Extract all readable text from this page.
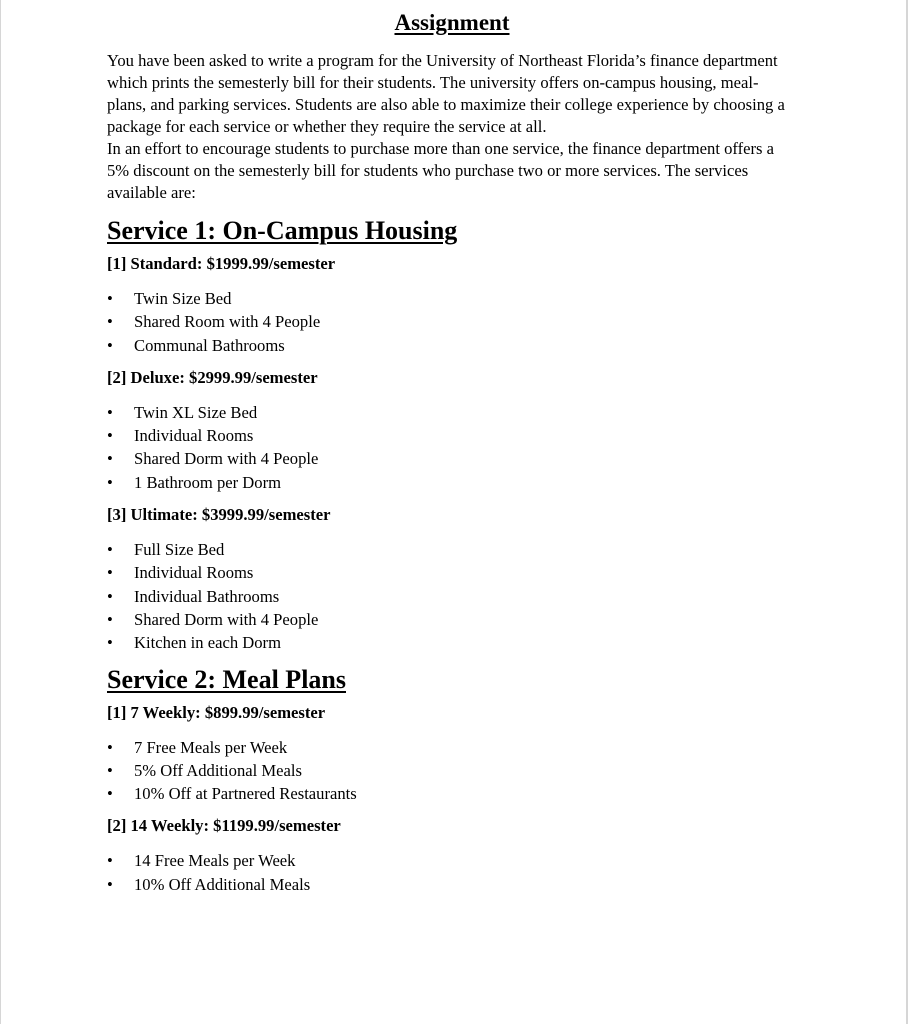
Assignment

You have been asked to write a program for the University of Northeast Florida’s finance department which prints the semesterly bill for their students. The university offers on-campus housing, meal-plans, and parking services. Students are also able to maximize their college experience by choosing a package for each service or whether they require the service at all.

In an effort to encourage students to purchase more than one service, the finance department offers a 5% discount on the semesterly bill for students who purchase two or more services. The services available are:

Service 1: On-Campus Housing
[1] Standard: $1999.99/semester
• Twin Size Bed
• Shared Room with 4 People
• Communal Bathrooms
[2] Deluxe: $2999.99/semester
• Twin XL Size Bed
• Individual Rooms
• Shared Dorm with 4 People
• 1 Bathroom per Dorm
[3] Ultimate: $3999.99/semester
• Full Size Bed
• Individual Rooms
• Individual Bathrooms
• Shared Dorm with 4 People
• Kitchen in each Dorm
Service 2: Meal Plans
[1] 7 Weekly: $899.99/semester
• 7 Free Meals per Week
• 5% Off Additional Meals
• 10% Off at Partnered Restaurants
[2] 14 Weekly: $1199.99/semester
• 14 Free Meals per Week
• 10% Off Additional Meals
